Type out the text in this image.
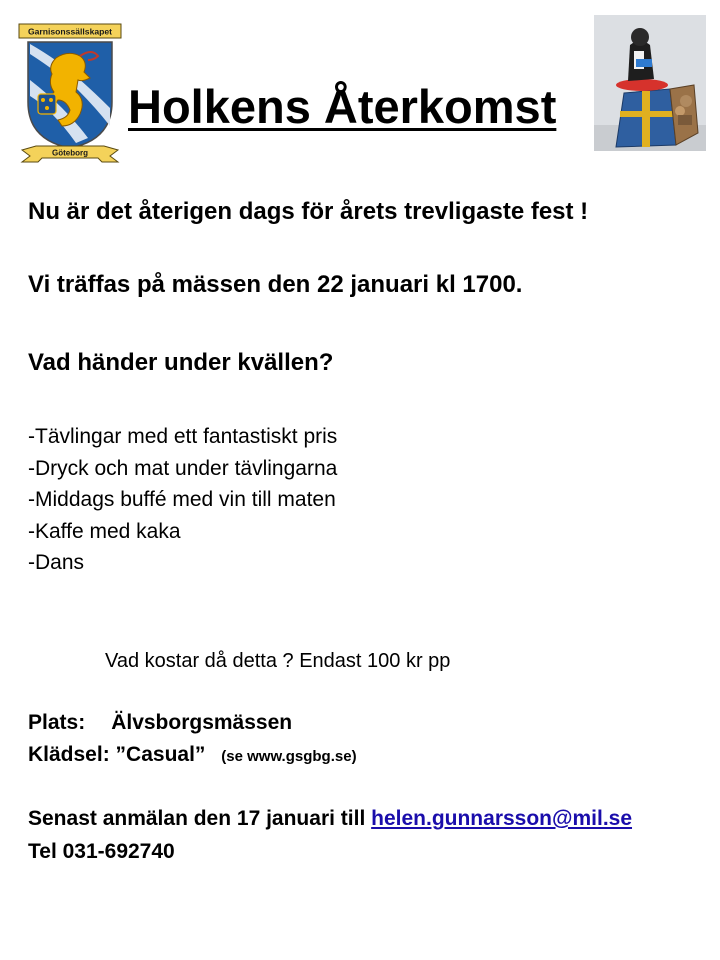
Garnisonssällskapet
Göteborg
Holkens Återkomst
Nu är det återigen dags för årets trevligaste fest !
Vi träffas på mässen den 22 januari kl 1700.
Vad händer under kvällen?
-Tävlingar med ett fantastiskt pris
-Dryck och mat under tävlingarna
-Middags buffé med vin till maten
-Kaffe med kaka
-Dans
Vad kostar då detta ? Endast 100 kr pp
Plats: Älvsborgsmässen
Klädsel: ”Casual” (se www.gsgbg.se)
Senast anmälan den 17 januari till helen.gunnarsson@mil.se
Tel 031-692740
